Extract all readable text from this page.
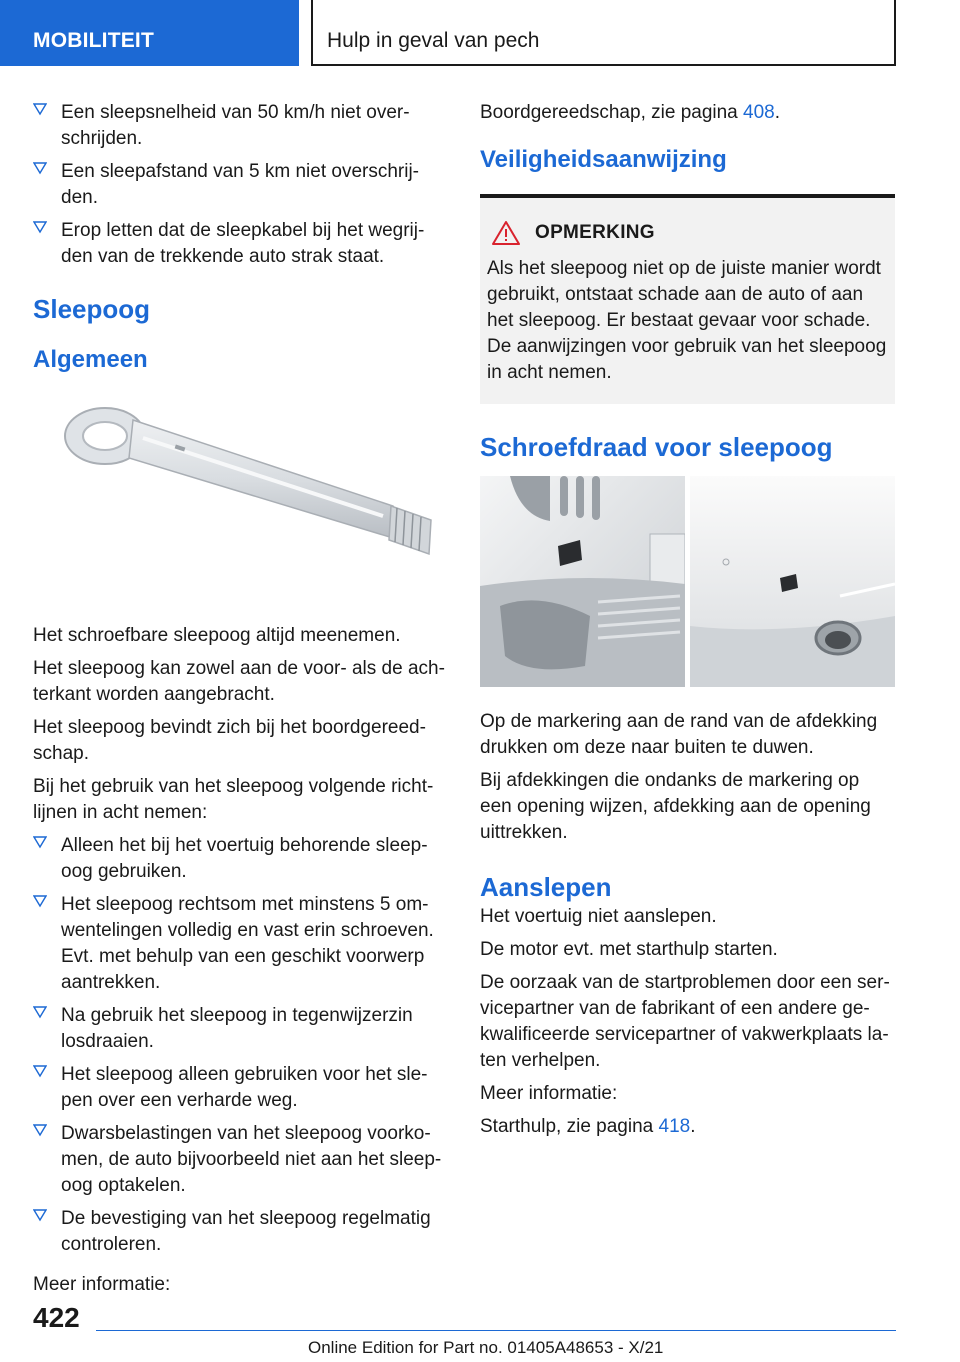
MOBILITEIT	Hulp in geval van pech
Een sleepsnelheid van 50 km/h niet over-schrijden.
Een sleepafstand van 5 km niet overschrij-den.
Erop letten dat de sleepkabel bij het wegrij-den van de trekkende auto strak staat.
Sleepoog
Algemeen

Het schroefbare sleepoog altijd meenemen.

Het sleepoog kan zowel aan de voor- als de ach-terkant worden aangebracht.

Het sleepoog bevindt zich bij het boordgereed-schap.

Bij het gebruik van het sleepoog volgende richt-lijnen in acht nemen:

Alleen het bij het voertuig behorende sleep-oog gebruiken.
Het sleepoog rechtsom met minstens 5 om-wentelingen volledig en vast erin schroeven. Evt. met behulp van een geschikt voorwerp aantrekken.
Na gebruik het sleepoog in tegenwijzerzin losdraaien.
Het sleepoog alleen gebruiken voor het sle-pen over een verharde weg.
Dwarsbelastingen van het sleepoog voorko-men, de auto bijvoorbeeld niet aan het sleep-oog optakelen.
De bevestiging van het sleepoog regelmatig controleren.

Meer informatie:

Boordgereedschap, zie pagina 408.

Veiligheidsaanwijzing
OPMERKING

Als het sleepoog niet op de juiste manier wordt gebruikt, ontstaat schade aan de auto of aan het sleepoog. Er bestaat gevaar voor schade. De aanwijzingen voor gebruik van het sleepoog in acht nemen.

Schroefdraad voor sleepoog

Op de markering aan de rand van de afdekking drukken om deze naar buiten te duwen.

Bij afdekkingen die ondanks de markering op een opening wijzen, afdekking aan de opening uittrekken.

Aanslepen

Het voertuig niet aanslepen.

De motor evt. met starthulp starten.

De oorzaak van de startproblemen door een ser-vicepartner van de fabrikant of een andere ge-kwalificeerde servicepartner of vakwerkplaats la-ten verhelpen.

Meer informatie:

Starthulp, zie pagina 418.

422
Online Edition for Part no. 01405A48653 - X/21
